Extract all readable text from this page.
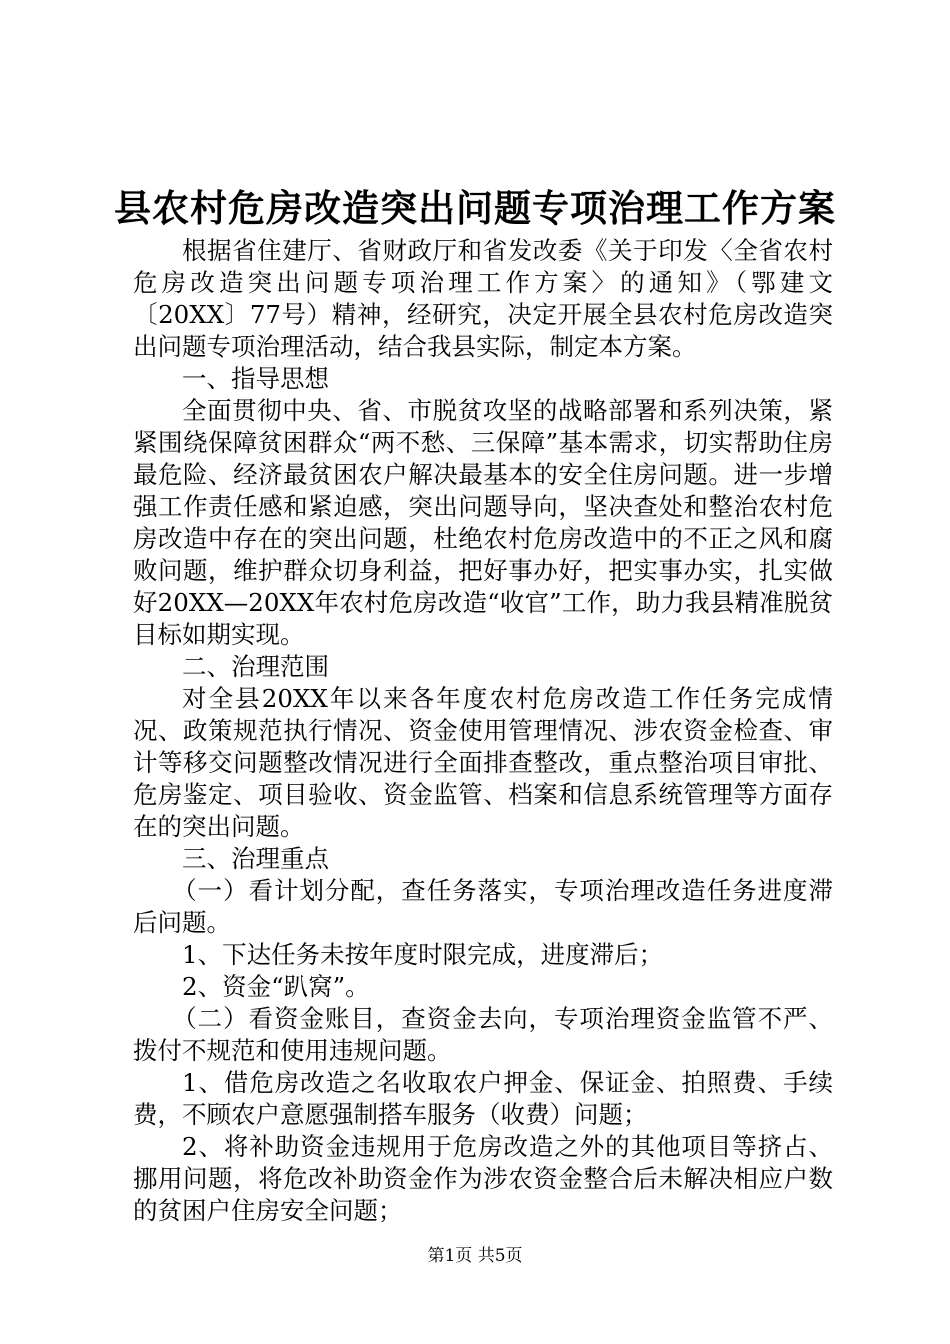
县农村危房改造突出问题专项治理工作方案

根据省住建厅、省财政厅和省发改委《关于印发〈全省农村危房改造突出问题专项治理工作方案〉的通知》（鄂建文〔20XX〕77号）精神，经研究，决定开展全县农村危房改造突出问题专项治理活动，结合我县实际，制定本方案。

一、指导思想

全面贯彻中央、省、市脱贫攻坚的战略部署和系列决策，紧紧围绕保障贫困群众“两不愁、三保障”基本需求，切实帮助住房最危险、经济最贫困农户解决最基本的安全住房问题。进一步增强工作责任感和紧迫感，突出问题导向，坚决查处和整治农村危房改造中存在的突出问题，杜绝农村危房改造中的不正之风和腐败问题，维护群众切身利益，把好事办好，把实事办实，扎实做好20XX—20XX年农村危房改造“收官”工作，助力我县精准脱贫目标如期实现。

二、治理范围

对全县20XX年以来各年度农村危房改造工作任务完成情况、政策规范执行情况、资金使用管理情况、涉农资金检查、审计等移交问题整改情况进行全面排查整改，重点整治项目审批、危房鉴定、项目验收、资金监管、档案和信息系统管理等方面存在的突出问题。

三、治理重点

（一）看计划分配，查任务落实，专项治理改造任务进度滞后问题。

1、下达任务未按年度时限完成，进度滞后；

2、资金“趴窝”。

（二）看资金账目，查资金去向，专项治理资金监管不严、拨付不规范和使用违规问题。

1、借危房改造之名收取农户押金、保证金、拍照费、手续费，不顾农户意愿强制搭车服务（收费）问题；

2、将补助资金违规用于危房改造之外的其他项目等挤占、挪用问题，将危改补助资金作为涉农资金整合后未解决相应户数的贫困户住房安全问题；

第1页 共5页
